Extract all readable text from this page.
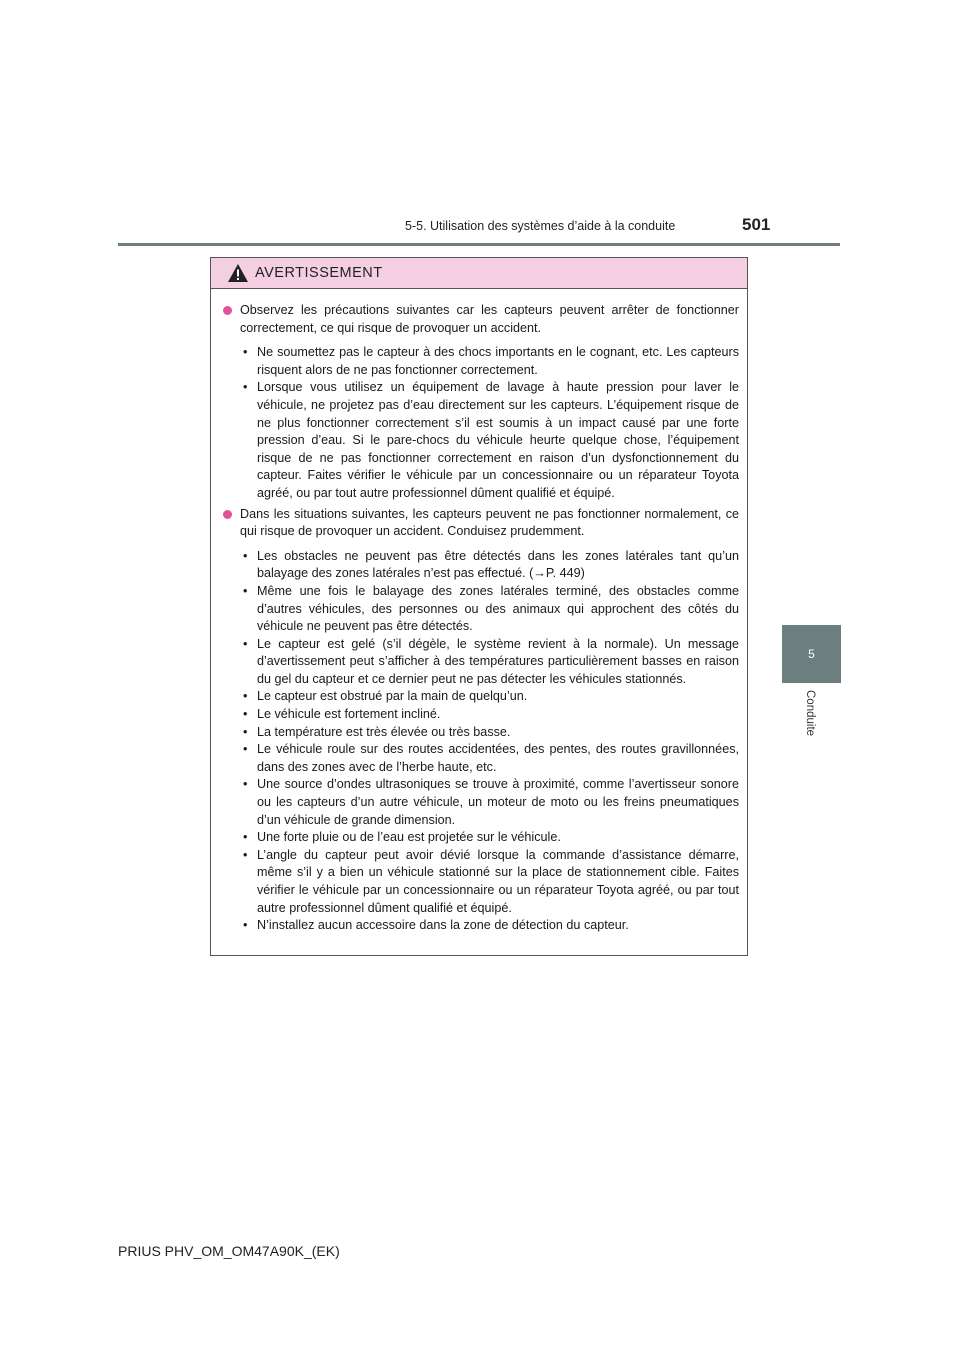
5-5. Utilisation des systèmes d’aide à la conduite	501
5
Conduite
AVERTISSEMENT
Observez les précautions suivantes car les capteurs peuvent arrêter de fonctionner correctement, ce qui risque de provoquer un accident.
• Ne soumettez pas le capteur à des chocs importants en le cognant, etc. Les capteurs risquent alors de ne pas fonctionner correctement.
• Lorsque vous utilisez un équipement de lavage à haute pression pour laver le véhicule, ne projetez pas d’eau directement sur les capteurs. L’équipement risque de ne plus fonctionner correctement s’il est soumis à un impact causé par une forte pression d’eau. Si le pare-chocs du véhicule heurte quelque chose, l’équipement risque de ne pas fonctionner correctement en raison d’un dysfonctionnement du capteur. Faites vérifier le véhicule par un concessionnaire ou un réparateur Toyota agréé, ou par tout autre professionnel dûment qualifié et équipé.
Dans les situations suivantes, les capteurs peuvent ne pas fonctionner normalement, ce qui risque de provoquer un accident. Conduisez prudemment.
• Les obstacles ne peuvent pas être détectés dans les zones latérales tant qu’un balayage des zones latérales n’est pas effectué. (→P. 449)
• Même une fois le balayage des zones latérales terminé, des obstacles comme d’autres véhicules, des personnes ou des animaux qui approchent des côtés du véhicule ne peuvent pas être détectés.
• Le capteur est gelé (s’il dégèle, le système revient à la normale). Un message d’avertissement peut s’afficher à des températures particulièrement basses en raison du gel du capteur et ce dernier peut ne pas détecter les véhicules stationnés.
• Le capteur est obstrué par la main de quelqu’un.
• Le véhicule est fortement incliné.
• La température est très élevée ou très basse.
• Le véhicule roule sur des routes accidentées, des pentes, des routes gravillonnées, dans des zones avec de l’herbe haute, etc.
• Une source d’ondes ultrasoniques se trouve à proximité, comme l’avertisseur sonore ou les capteurs d’un autre véhicule, un moteur de moto ou les freins pneumatiques d’un véhicule de grande dimension.
• Une forte pluie ou de l’eau est projetée sur le véhicule.
• L’angle du capteur peut avoir dévié lorsque la commande d’assistance démarre, même s’il y a bien un véhicule stationné sur la place de stationnement cible. Faites vérifier le véhicule par un concessionnaire ou un réparateur Toyota agréé, ou par tout autre professionnel dûment qualifié et équipé.
• N’installez aucun accessoire dans la zone de détection du capteur.
PRIUS PHV_OM_OM47A90K_(EK)
